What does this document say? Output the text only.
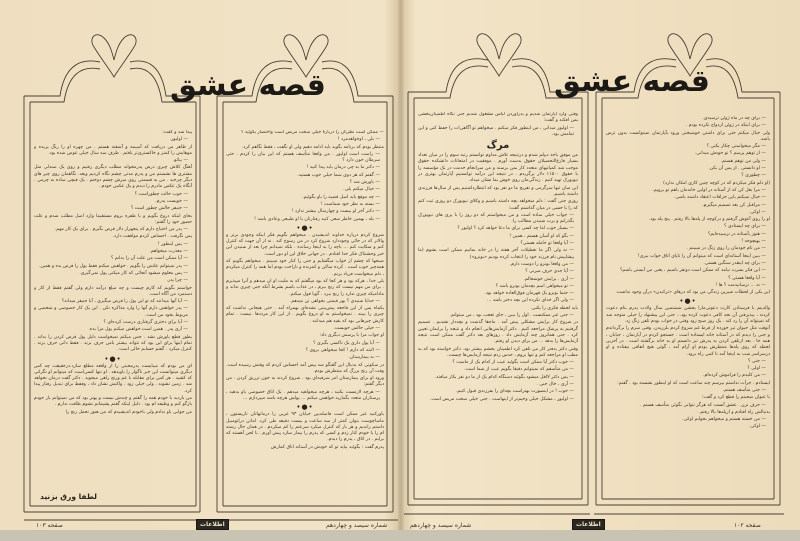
قصه عشق

— ممکن است نظرتان را دربارهٔ خیلی سخت مریض است واختصار بگوئید ؟

— بلی ، اوخواهدمرد !

منتظر بودم که برنامه بگوید باید ادامه دهیم ولی او نگفت ، فقط نگاهم کرد.

— راست است اولیور . من واقعا متأسف هستم که این بیان را کردم . حتی سرطان خون دارد ؟

— دکتر ما به چی درمان باید پیدا کنید !

— گفتم که هر دوی شما خیلی خوب هستید.

— باورش شد ؟

— خیال میکنم بلی.

— چه موقع باید اصل قضیه را باو بگوئیم.

— بسته به نظر خود شماست !

— دکتر آخر او بیست و چهارسال بیشتر ندارد !

— بله ، بهمین خاطر سعی کنید رفتارتان با او طبیعی وعادی باشد !

•●•

شروع کردم درباره خداوند اندیشیدن . میخواهم بگویم فکر اینکه وجودی برتر و والاتر که در جائی وجوددارد شروع کرد در من رسوخ کند . نه از آن جهت که کنترل کنم و شکایت کنم ... باچه را به اینجا رسانده . بلکه نمیدانم چرا بعد از شنیدن این خبر وحشتناک فکر خدا افتادم . در جهانی خلاق این او دور است.

صبحها که چشم از خواب میگشایم و جنی را کنار خود میبینم . میخواهم بگویم که همه‌چیز خوب است . کرده ساکن و کمرنده و ناراحت بودم اما همه را کنترل میکردم ، دلم میخواست فریاد بزنم.

بلی خدا ، هرکه بود و هر کجا که بود میگفتم که به ملیت او ان میدهم و آنرا میپذیرم . برای من مهم نیست که رنج ببرم ، در عذاب باشم بشرط آنکه جنی چیزی نداند و مادامیکه چیزی ندارد را رنج ببرد . گویا قول میکنم.

— خدایا شنیدی ؟ بهر قیمتی بخواهی تن میدهم.

یکماه پس از این فاجعه پیش‌بینی نشده‌ای بهمراه آمد . حتی هیجانی نداشت که چیزی را ببیند . نمیخواستم به او دروغ بگویم . از این کار مرددها .نیست . تمام کارش چیزهایی بود که بقیه هم میدانند .

— خیلی حالش خوبست.

او جواب مرا با پرسش دیگری داد:

— آیا پول داری یک تاکسی بگیری ؟

— البته که دارم ! کجا میخواهی بروی ؟

— به بیمارستان.

در سکوتی که بدنبال این گفتگو شد پیش آمد احساس کردم که وقتش رسیده است. وقت آن رنج بزرگ که منتظرش بودم.

ورود او برای بیمارستان امر شرفیه‌ای بود . شروع کردند به خون تزریق کردن . من دیگر گفتم:

— هرچه لازمست بکنید ، هرچه میخواهید میدهم . یک اتاق خصوصی باو بدهید ، پرستاران متعدد بگمارید.خواهش میکنم ... پولش هرچه باشد میپردازم ...

•●•

باورکنید غیر ممکن است فاصله‌بین خیابان ۹۳ غربی را درمانهاتان تاریستون ، ماساچوست بتوان کمتر از سه ساعت و بیست دقیقه طی کرد. اماتن دراتومبیل داشتم راندیم و هر بار که کنترل میکرد سرعتم را کم میکردم . در همان حال رشته ام را با خودم کنار زدم و کسی که پدرم را بیمار سازد پیش آورم . با لحن آهسته که برایم . در اتاق ، پدرم را دیدم.

پدرم گفت : بگوئید بیاید تو که خودش در آستانه اتاق کمارش

پیدا شد و گفت:

— اولیور.

از ظاهر من دریافت که آسیمه و آشفته هستم . من چهره او را رنگ پریده و موهایش را کمتر و خاکستری‌تر یافتم . ظرف سه سال خیلی عوض شده بود.

— بیائو.

آهنگ کلاش چیزی درس پدرمخواند مطلب دیگری رفتیم و روی یک صندلی مثل مشتری ها نشستم من و پدرم مدتی چشم نگاه کردیم وبعد. نگاهمان روی چیز های دیگر چرخید . من به قسمتی روی میزش چشم دوختم . یک قیچی ساده به چرمی . آنگاه یک عکس مادرم را دیدم و یک عکس خودم .

— خوب حالت چطوراست ؟

— خوبست پدرم.

— جنیفر حالش چطور است ؟

بجای اینکه دروغ بگویم و با طفره بروم مستقیما وارد اصل مطلب شدم و علت حضور خود را گفتم:

— پدر من احتیاج دارم که پنجهزار دلار قرض بگیرم . برای یک کار مهم.

پس نگرفت . احساس کردم موافقت دارد.

— پس اینطور !

— معذرت میخواهم.

— آیا ممکن است من علت آن را بدانم ؟

— پدر نمیتوانم علتش را بگویم . خواهش میکنم فقط پول را قرض بده و همین.

— پس معلوم میشود آنجائی که کار میکنی پول نمی‌گیری.

— چرا پدر.

خواستم بگویم که کارم چیست و چه مبلغ درآمد دارم ولی گفتم فقط از کار و دستمزد من آگاه است.

— آیا آنها میدانند که تو این پول را قرض میگیری ، آیا جنیفر میداند؟

— پدر خواهش دارم آنها را وارد مذاکره نکن . این یک کار خصوصی و شخصی و مربوط بخود من است.

— آیا برای دختری گرفتاری درست کرده‌ای ؟

— آری پدر . همین است.خواهش میکنم پول مرا بده.

بطور قطع باورش نشد . حس میکنم نمیخواست دلیل پول قرض کردن را بداند . تمام اینها برای این بود که نتواند بیشتر بامن حرف بزند . فقط دانی حرف بزند . کنترل میکرد . گفتم حسابم خالی است .

•●•

ای من بودم که میبایست پدرمحبتی را از واقعه مطلع سازد.درحقیقت چه کس دیگری میتوانست این خبر ناگوار را باوبدهد . او تنها کسی‌است که میتوانم او نگرانی که کشید . هر کس برای مقابله با غم ورنج راهی میجوید . دکتر گفت درمان نخواهد شد . زمین نشوند . ولی خیلی زود . واکنش نشان داد ، وفقط برای تبدیل رفتار پیدا کرد.

من بازدید با خودم همه را گفتم و چندش نیست و بهتر بود که من نمیتوانم بار خودم بازگو کنم و وظیفه ام بود . دلیل اینکه گفتم پشیمانم نشوم طاقت ندارم .

من جوابی باو ندادم ولی باخودم اندیشیدم که من هنوز تحمل رنج را

لطفا ورق بزنید
صفحه ۱۰۳	ﺍﻃﻼﻋﺎﺕ	شماره سیصد و چهاردهم
قصه عشق

وقتی وارد آپارتمان شدیم و بدرآوردن لباس مشغول شدیم جنی نگاه اطمینان‌بخشی بمن افکند و گفت:

— اولیور میدانی ، من اینطور فکر میکنم . میخواهم تو آگاهی‌ات را حفظ کنی و این تمامش بود.

مرگ

من موفق باخذ دیپلم شدم و درنتیجه تلاش مداوم توانستم رتبه سوم را در میان تعداد بسیار فارغ‌التحصیلان حقوق بدست آورم . موفقیت در امتحانات دانشکده حقوق موجب شد کمپانیهای متعدد کار بمن برسند و من سرانجام خدمت در یک مؤسسه را با حقوق ۱۱۵۰۰ دلار برگزیدم . در نتیجه این درآمد توانستیم آپارتمان بهتری در نیویورک تهیه کنیم . زندگی‌مان روی خوش بما نشان میداد.

این میان تنها سرگرمی و تفریح ما دو نفر بود که انتظارداشتیم پس از سال‌ها فرزندی داشته باشیم.

روزی جنی گفت : دلم میخواهد بچه داشته باشیم و وکلای نیویورک دو روزی ثبت کنم که را با حسی در میان گذاشتم گفت:

— جواب خیلی ساده است و من میخواستم که دو روز را با پری های نیویورک بگذرانم و برت شنیدن مطالب را.

— بسیار خوب اما چه کسی برای ما دعا خواهد کرد ؟ اولیور ؟

— بگو که او آسان هستم ، همین !

— آیا واقعا تو حامله هستی؟

— نه ولی اگر ما تعطیلات آخر هفته را در خانه بمانیم ممکن است بشوم (ما پیشاپیش نام فرزند خود را انتخاب کرده بودیم «بونزو»)

— من واقعا بونزو را دوست دارم.

— آیا جدی حرف میزنی ؟

— آری . برایش خوشحالم.

— تو میخواهی اسم بچه‌مان بونزو باشد ؟

— حتما بونزو یک قهرمان فوق‌العاده خواهد بود.

— ولی اگر خدای نکرده این بچه دختر باشد ...

باید لحظه فکری را بکنی.

— جنی غیر ممکنست . اول را ببین ، جای تعجب بود ، من میتوانم.

در شروع کار برایش مشکلی پیش آمد . ماه‌ها گذشت و بچه‌دار نشدیم . تصمیم گرفتیم به پزشک مراجعه کنیم . دکتر آزمایش‌هایی انجام داد و نتیجه را برایمان تعیین کرد . جنی همانروز چند آزمایش داد . روزهای بعد دکتر گفت ممکن است نتیجه آزمایش‌ها را بدهد ... من برای دیدن او رفتم.

وقتی دکتر بدفتر کار من تلفن کرد اطمینان بخشم بیشتر بود. دکتر خواسته بود که به مطب او مراجعه کنم و تنها بروم ، حدس زدم نتیجه آزمایش‌ها چیست.

— خوب دکتر آیا ممکن است بگوئید عیب از کدام یک از ماست ؟

— من متأسفم که نمیتوانم دقیقا بگویم عیب از شما است.

— پس دکتر لااقل میشود بگوئید دستگاه کدام یک از ما دو نفر بکار میافتد.

— آری ، حال جنی .

— خوب ! در اینصورت بهتراست بچه‌ای را بفرزندی قبول کنیم.

— اولیور ، مشکل خیلی وخیم‌تر از اینهاست . جنی خیلی سخت مریض است.

— برای چه در ماه ژوئن ترسیدی.

— برای اینکه در ژوئن ازدواج نکرده بودم .

ولی خیال میکنم حتی برای داشتن خوشبختی ورود بآپارتمان نمیتوانست بدون ترس باشد.

— مگر میخواستی چکار بکنی ؟

— از توهم پرسم ؟ تو خودش میدانی.

— ولی من توهم هستم.

— او دانستی . از پس آن بکن.

— چطوری ؟

(او دلم فکر میکردم که در کوچه چنین کاری امکان ندارد)

— مرا بغل کن که از آستانه در اولین خانه‌مان باهم تو برویم.

— خیال نمیکنم باین خرافات اعتقاد داشته باشی.

— مراقبل کن بعد تصمیم میگیرم.

— اوکی.

او را روی آغوش گرفتم و درکوچه از پله‌ها بالا رفتم . پنج پله بود.

— برای چه ایستادی ؟

— هنوز بآستانه در نرسیده‌ایم؟

— بهیچوجه !

— من نام خودمان را روی زنگ در میبینم .

— ببین اینجا آستانه‌ای است که میتوانم آن را تاپای اتاق خواب ببری!

— برای چه اینقدر سنگین هستی.

— این فکر بسرت نیامد که ممکن است دوتفر باشیم ، یعنی من آبستن باشم؟

— آیا واقعا هستی ؟

— نه ... ترسانیدمت ؟ ها !

این یکی از لحظات شیرین زندگی من بود که درهای «ترکیدن» درآن وجود نداشت.

•●•

والدینم با فرستادن کارت دعوتی‌مارا بجشن شصتمین سال ولادت پدرم بنام دعوت کردند ، بپذیرفتن آن بحد کافی دعوت کرده بود... جنی این پیشنهاد را خیلی متوجه شد که نمیتواند آن را رد کند . یک روز صبح زود وقتی در خواب بودم تلفن زنگ زد.

آنوقت مثل حیوان تیر خورده از فرط غم شروع کردم بلرزیدن. وقتی سرم را برگرداندم و جنی را دیدم که در آستانه خانه ایستاده است . جستجو کردم در آپارتمان ، خیابان ، همه جا . بعد ازتلفن کردن به پدرش تیر دانستم او به خانه برگشته است . در آخرین لحظه که روی پله‌ها منتظرش بودم او آرام آمد ، گوئی هیچ اتفاقی نیفتاده و او درسراسر شب به اینجا آمد تا کمی راه برود.

— جنی ؟

— اولی ؟

— من کلیدم را فراموش کرده‌ام.

ایستادم . جرأت نداشتم بپرسم چند ساعت است که او اینطور نشسته بود . گفتم:

— جنی متأسف هستم.

با عنوان صحبتم را قطع کرد و گفت:

— حرف نزن . عشق آنست که هرگز نتوانی بگوئی متأسف هستم .

بدنبالش راه افتادم و ازپله‌ها بالا رفتم .

— من خسته هستم و میخواهم بخوابم اوکی.

— اوکی.

شماره سیصد و چهاردهم	ﺍﻃﻼﻋﺎﺕ	صفحه ۱۰۲
